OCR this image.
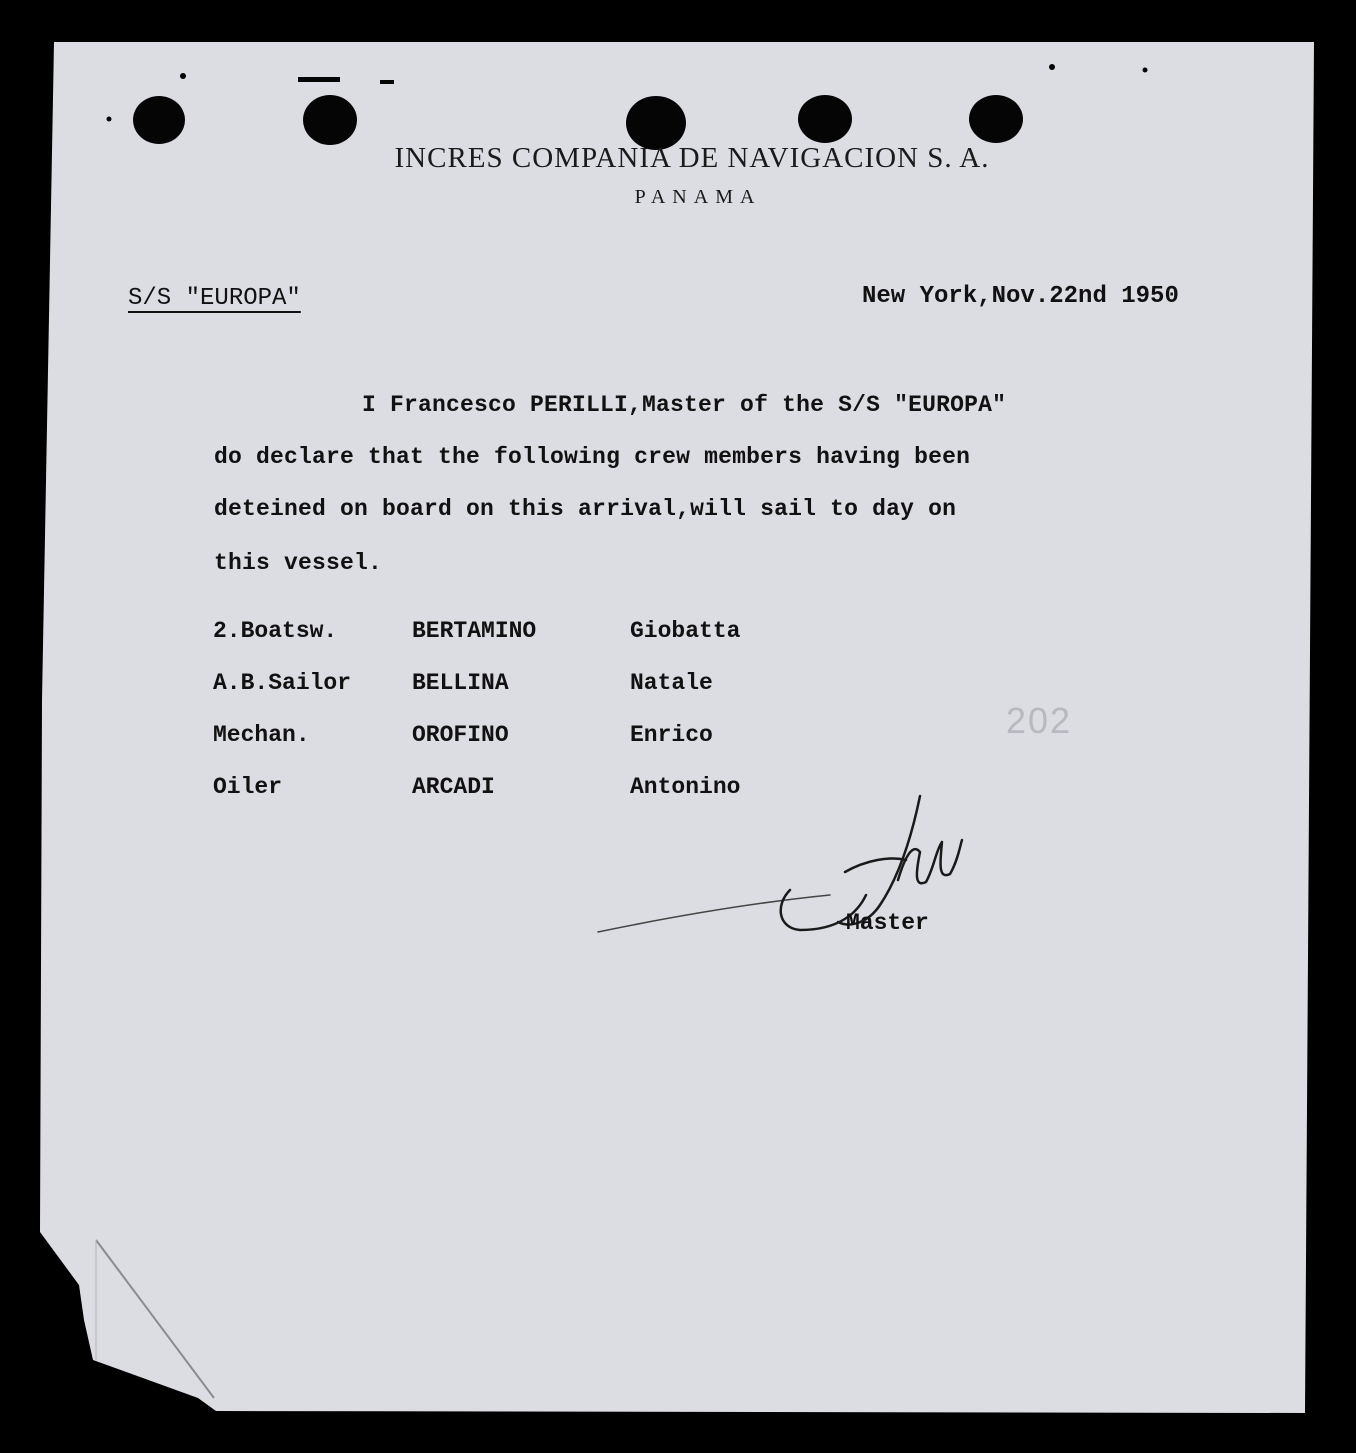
INCRES COMPANIA DE NAVIGACION S. A.
PANAMA
S/S "EUROPA"	New York,Nov.22nd 1950
I Francesco PERILLI,Master of the S/S "EUROPA"
do declare that the following crew members having been
deteined on board on this arrival,will sail to day on
this vessel.
2.Boatsw.	BERTAMINO	Giobatta
A.B.Sailor	BELLINA	Natale
Mechan.	OROFINO	Enrico
Oiler	ARCADI	Antonino
202
Master
